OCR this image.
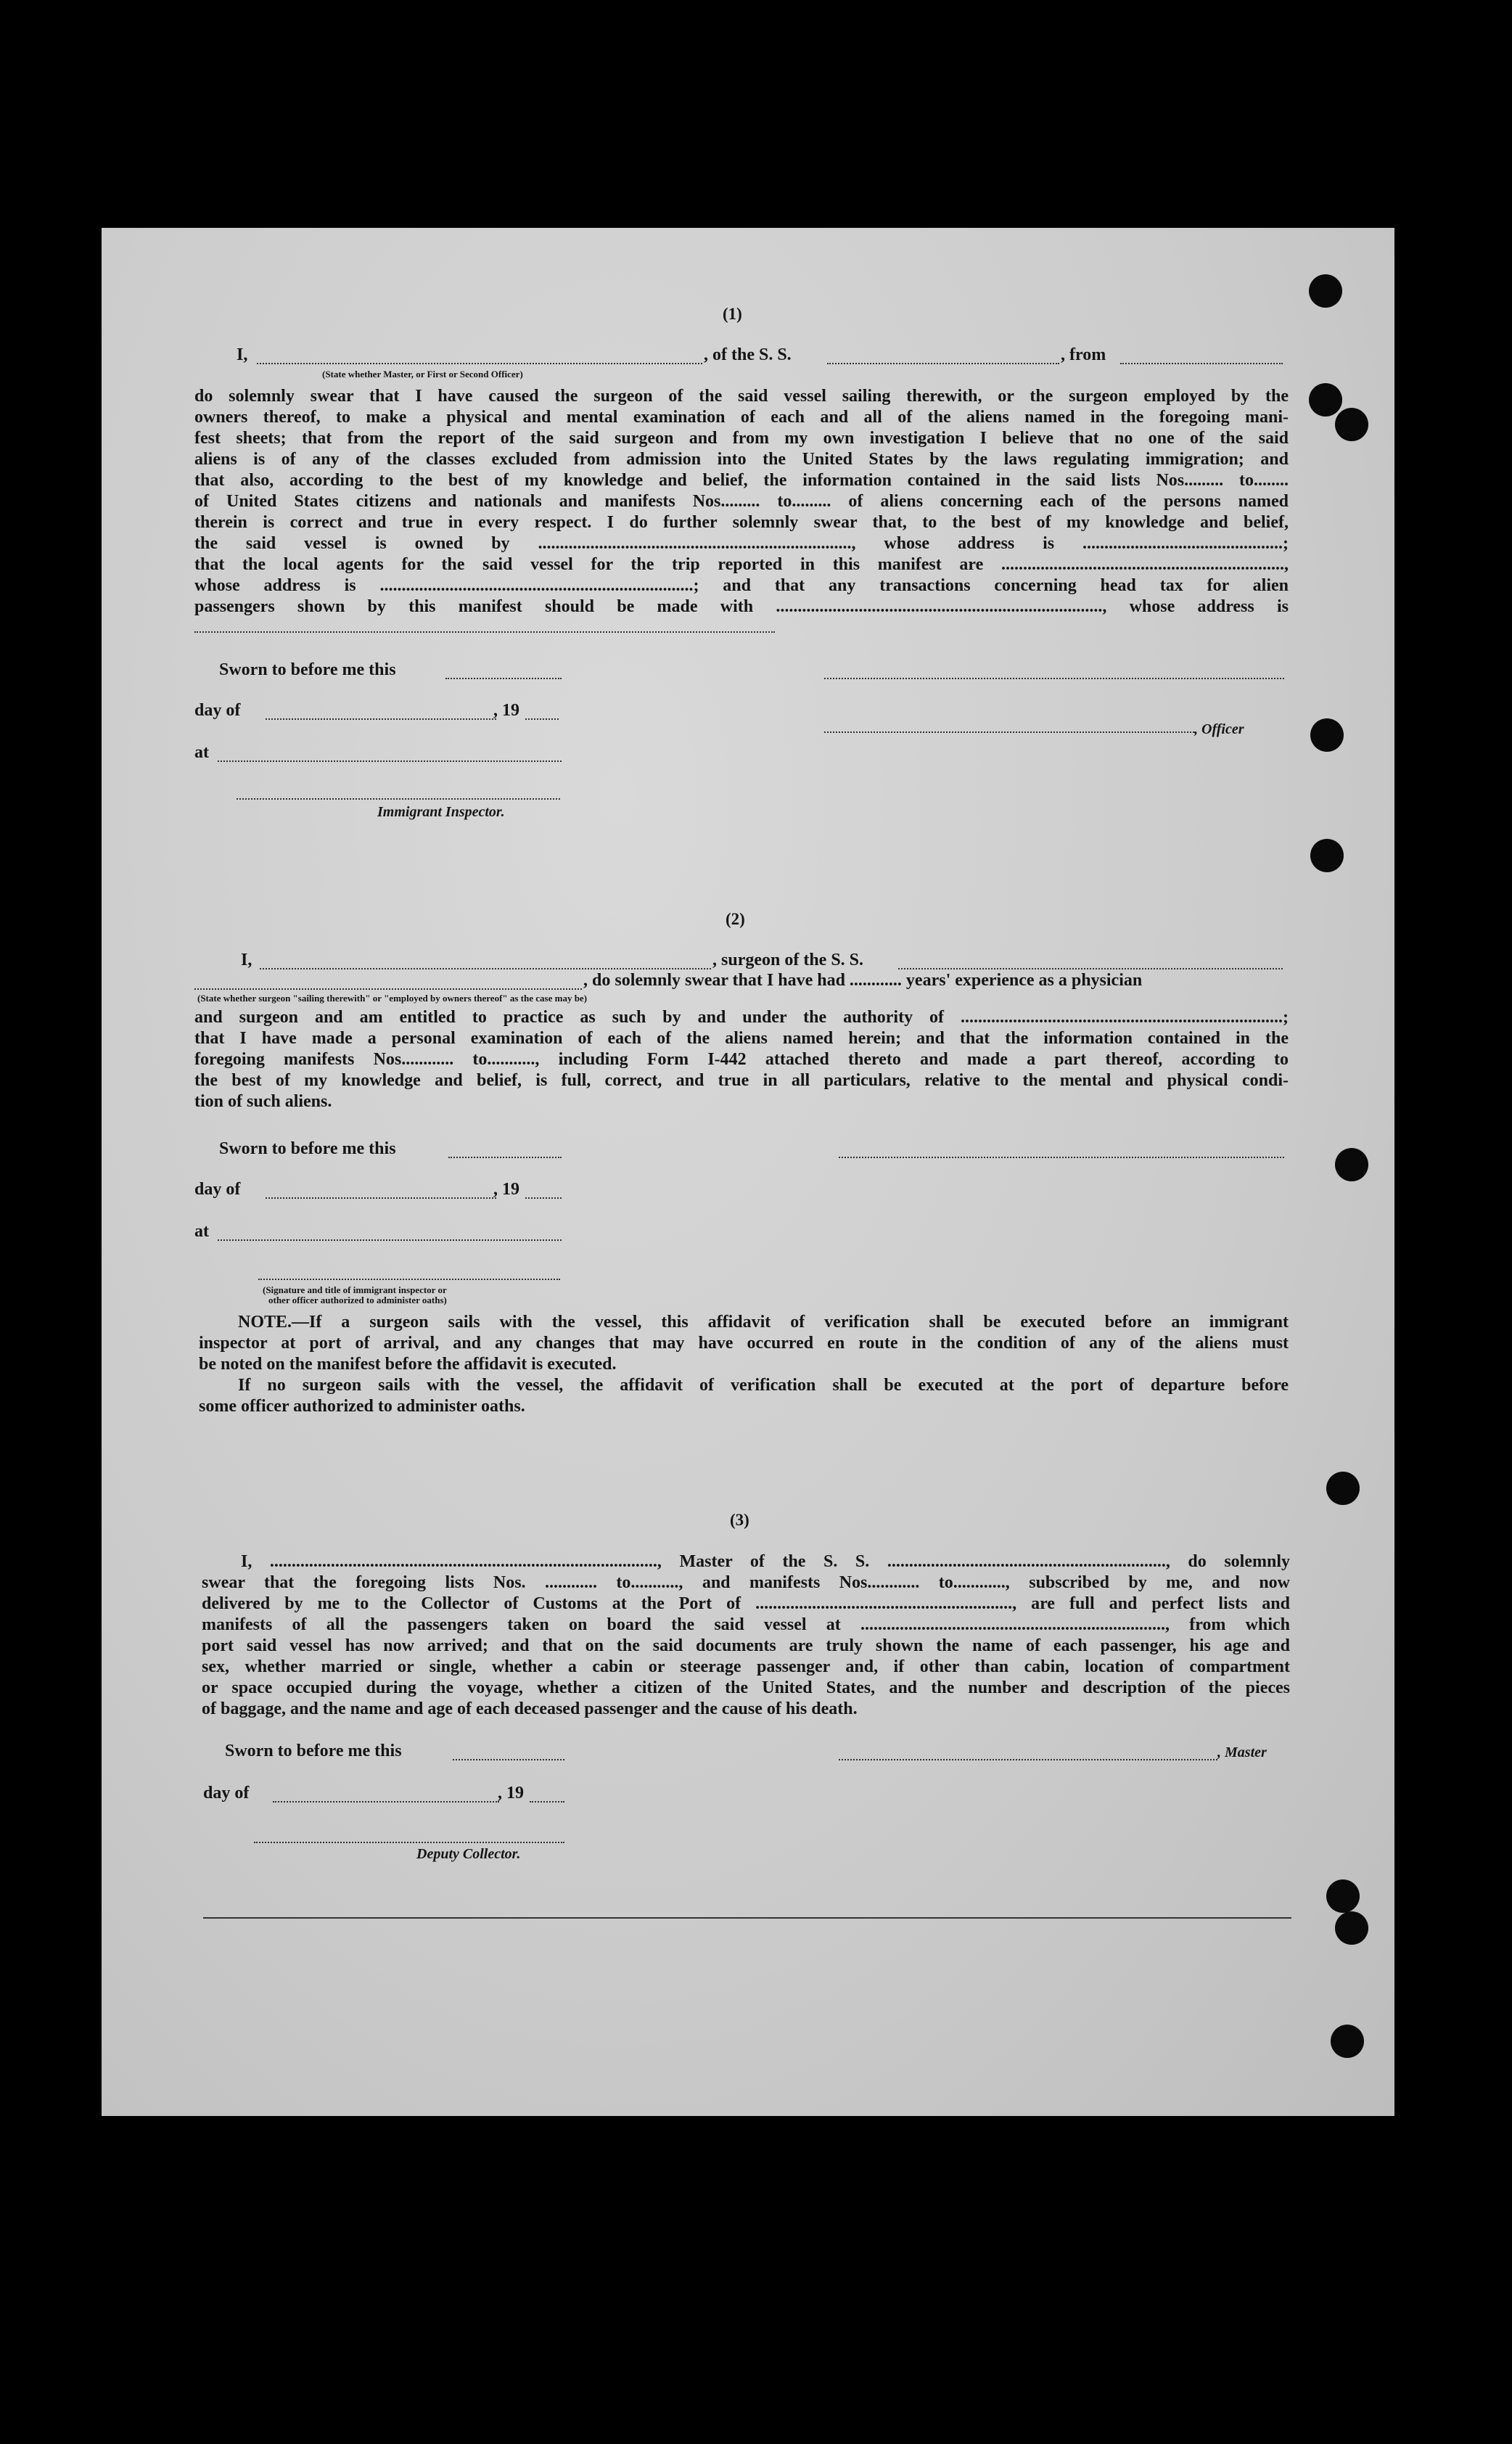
(1)
I,	, of the S. S.	, from
(State whether Master, or First or Second Officer)

do solemnly swear that I have caused the surgeon of the said vessel sailing therewith, or the surgeon employed by the

owners thereof, to make a physical and mental examination of each and all of the aliens named in the foregoing mani-

fest sheets; that from the report of the said surgeon and from my own investigation I believe that no one of the said

aliens is of any of the classes excluded from admission into the United States by the laws regulating immigration; and

that also, according to the best of my knowledge and belief, the information contained in the said lists Nos......... to........

of United States citizens and nationals and manifests Nos......... to......... of aliens concerning each of the persons named

therein is correct and true in every respect. I do further solemnly swear that, to the best of my knowledge and belief,

the said vessel is owned by ........................................................................, whose address is ..............................................;

that the local agents for the said vessel for the trip reported in this manifest are .................................................................,

whose address is ........................................................................; and that any transactions concerning head tax for alien

passengers shown by this manifest should be made with ..........................................................................., whose address is

Sworn to before me this
day of	, 19
, Officer
at
Immigrant Inspector.
(2)
I,	, surgeon of the S. S.
, do solemnly swear that I have had ............ years' experience as a physician
(State whether surgeon "sailing therewith" or "employed by owners thereof" as the case may be)

and surgeon and am entitled to practice as such by and under the authority of ..........................................................................;

that I have made a personal examination of each of the aliens named herein; and that the information contained in the

foregoing manifests Nos............ to..........., including Form I-442 attached thereto and made a part thereof, according to

the best of my knowledge and belief, is full, correct, and true in all particulars, relative to the mental and physical condi-

tion of such aliens.

Sworn to before me this
day of	, 19
at
(Signature and title of immigrant inspector or
other officer authorized to administer oaths)

NOTE.—If a surgeon sails with the vessel, this affidavit of verification shall be executed before an immigrant

inspector at port of arrival, and any changes that may have occurred en route in the condition of any of the aliens must

be noted on the manifest before the affidavit is executed.

If no surgeon sails with the vessel, the affidavit of verification shall be executed at the port of departure before

some officer authorized to administer oaths.

(3)

I, ........................................................................................., Master of the S. S. ................................................................, do solemnly

swear that the foregoing lists Nos. ............ to..........., and manifests Nos............ to............, subscribed by me, and now

delivered by me to the Collector of Customs at the Port of ..........................................................., are full and perfect lists and

manifests of all the passengers taken on board the said vessel at ......................................................................, from which

port said vessel has now arrived; and that on the said documents are truly shown the name of each passenger, his age and

sex, whether married or single, whether a cabin or steerage passenger and, if other than cabin, location of compartment

or space occupied during the voyage, whether a citizen of the United States, and the number and description of the pieces

of baggage, and the name and age of each deceased passenger and the cause of his death.

Sworn to before me this	, Master
day of	, 19
Deputy Collector.
